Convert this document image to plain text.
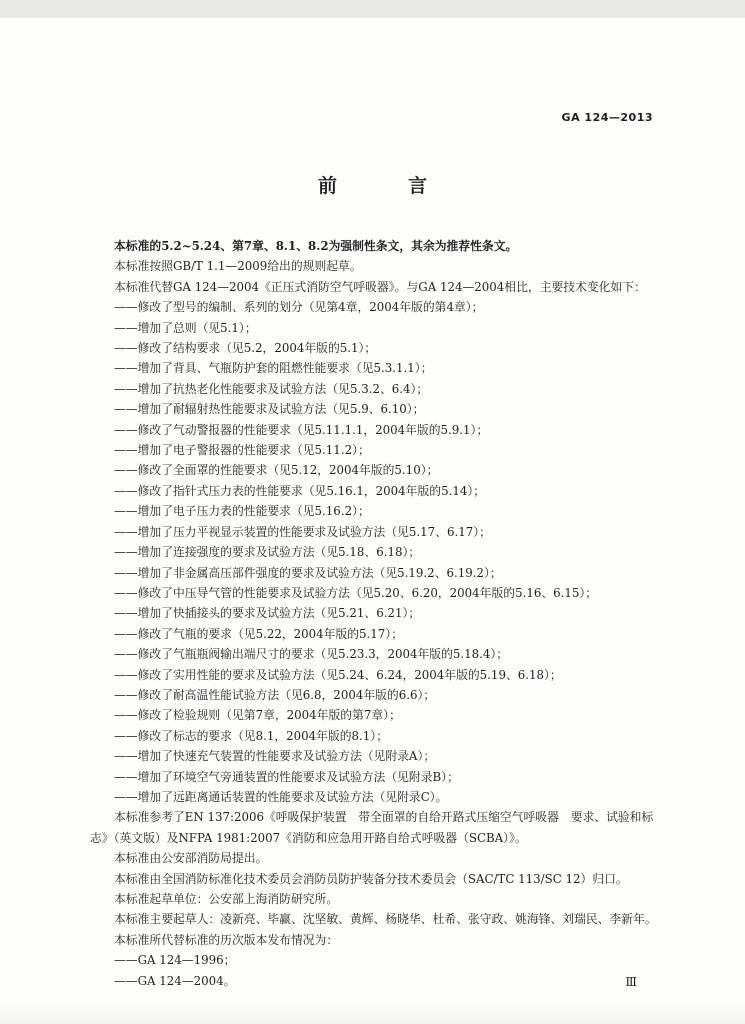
GA 124—2013
前　言
本标准的5.2~5.24、第7章、8.1、8.2为强制性条文，其余为推荐性条文。
本标准按照GB/T 1.1—2009给出的规则起草。
本标准代替GA 124—2004《正压式消防空气呼吸器》。与GA 124—2004相比，主要技术变化如下：
——修改了型号的编制、系列的划分（见第4章，2004年版的第4章）；
——增加了总则（见5.1）；
——修改了结构要求（见5.2，2004年版的5.1）；
——增加了背具、气瓶防护套的阻燃性能要求（见5.3.1.1）；
——增加了抗热老化性能要求及试验方法（见5.3.2、6.4）；
——增加了耐辐射热性能要求及试验方法（见5.9、6.10）；
——修改了气动警报器的性能要求（见5.11.1.1，2004年版的5.9.1）；
——增加了电子警报器的性能要求（见5.11.2）；
——修改了全面罩的性能要求（见5.12，2004年版的5.10）；
——修改了指针式压力表的性能要求（见5.16.1，2004年版的5.14）；
——增加了电子压力表的性能要求（见5.16.2）；
——增加了压力平视显示装置的性能要求及试验方法（见5.17、6.17）；
——增加了连接强度的要求及试验方法（见5.18、6.18）；
——增加了非金属高压部件强度的要求及试验方法（见5.19.2、6.19.2）；
——修改了中压导气管的性能要求及试验方法（见5.20、6.20，2004年版的5.16、6.15）；
——增加了快插接头的要求及试验方法（见5.21、6.21）；
——修改了气瓶的要求（见5.22，2004年版的5.17）；
——修改了气瓶瓶阀输出端尺寸的要求（见5.23.3，2004年版的5.18.4）；
——修改了实用性能的要求及试验方法（见5.24、6.24，2004年版的5.19、6.18）；
——修改了耐高温性能试验方法（见6.8，2004年版的6.6）；
——修改了检验规则（见第7章，2004年版的第7章）；
——修改了标志的要求（见8.1，2004年版的8.1）；
——增加了快速充气装置的性能要求及试验方法（见附录A）；
——增加了环境空气旁通装置的性能要求及试验方法（见附录B）；
——增加了远距离通话装置的性能要求及试验方法（见附录C）。
本标准参考了EN 137:2006《呼吸保护装置　带全面罩的自给开路式压缩空气呼吸器　要求、试验和标志》（英文版）及NFPA 1981:2007《消防和应急用开路自给式呼吸器（SCBA）》。
本标准由公安部消防局提出。
本标准由全国消防标准化技术委员会消防员防护装备分技术委员会（SAC/TC 113/SC 12）归口。
本标准起草单位：公安部上海消防研究所。
本标准主要起草人：凌新亮、毕赢、沈坚敏、黄辉、杨晓华、杜希、张守政、姚海锋、刘瑞民、李新年。
本标准所代替标准的历次版本发布情况为：
——GA 124—1996；
——GA 124—2004。	Ⅲ
